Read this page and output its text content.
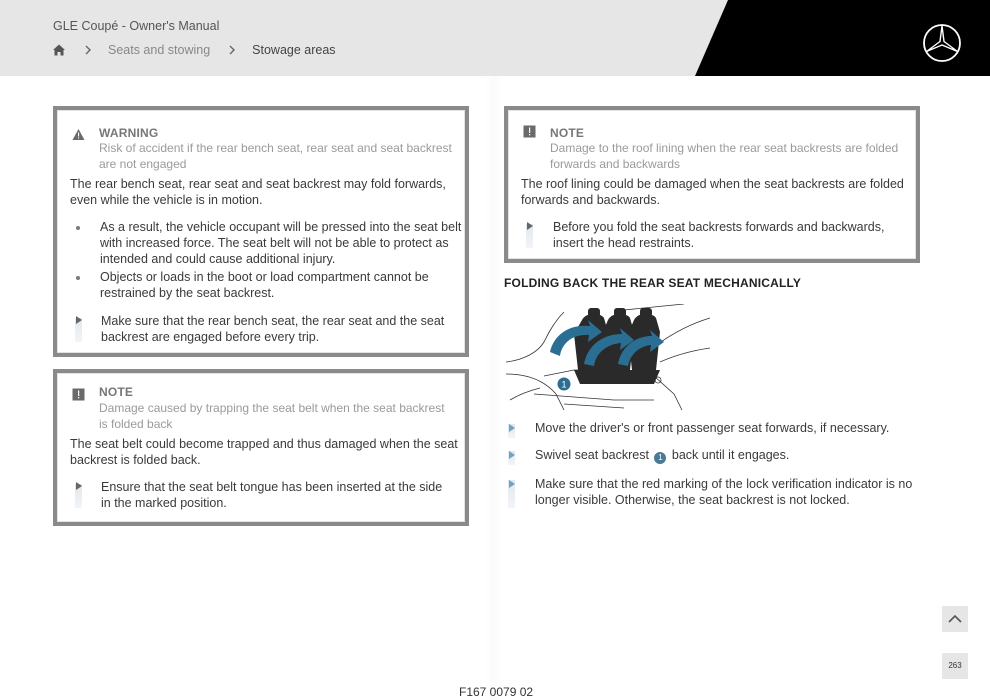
GLE Coupé - Owner's Manual
Seats and stowing	Stowage areas
WARNING
Risk of accident if the rear bench seat, rear seat and seat backrest
are not engaged
The rear bench seat, rear seat and seat backrest may fold forwards,
even while the vehicle is in motion.
As a result, the vehicle occupant will be pressed into the seat belt
with increased force. The seat belt will not be able to protect as
intended and could cause additional injury.
Objects or loads in the boot or load compartment cannot be
restrained by the seat backrest.
Make sure that the rear bench seat, the rear seat and the seat
backrest are engaged before every trip.
NOTE
Damage caused by trapping the seat belt when the seat backrest
is folded back
The seat belt could become trapped and thus damaged when the seat
backrest is folded back.
Ensure that the seat belt tongue has been inserted at the side
in the marked position.
NOTE
Damage to the roof lining when the rear seat backrests are folded
forwards and backwards
The roof lining could be damaged when the seat backrests are folded
forwards and backwards.
Before you fold the seat backrests forwards and backwards,
insert the head restraints.
FOLDING BACK THE REAR SEAT MECHANICALLY
1
Move the driver's or front passenger seat forwards, if necessary.
Swivel seat backrest 1 back until it engages.
Make sure that the red marking of the lock verification indicator is no
longer visible. Otherwise, the seat backrest is not locked.
263
F167 0079 02
